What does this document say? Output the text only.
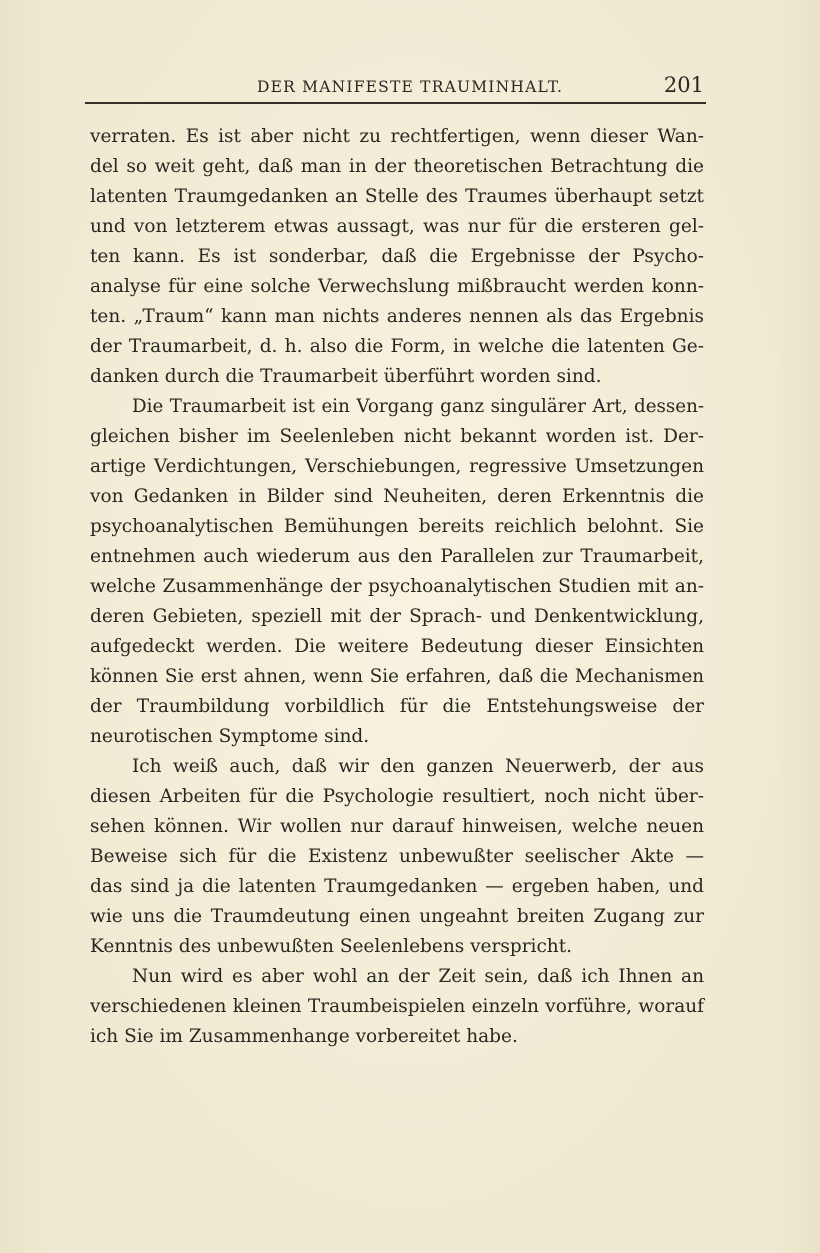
DER MANIFESTE TRAUMINHALT.	201
verraten. Es ist aber nicht zu rechtfertigen, wenn dieser Wan-
del so weit geht, daß man in der theoretischen Betrachtung die
latenten Traumgedanken an Stelle des Traumes überhaupt setzt
und von letzterem etwas aussagt, was nur für die ersteren gel-
ten kann. Es ist sonderbar, daß die Ergebnisse der Psycho-
analyse für eine solche Verwechslung mißbraucht werden konn-
ten. „Traum“ kann man nichts anderes nennen als das Ergebnis
der Traumarbeit, d. h. also die Form, in welche die latenten Ge-
danken durch die Traumarbeit überführt worden sind.
Die Traumarbeit ist ein Vorgang ganz singulärer Art, dessen-
gleichen bisher im Seelenleben nicht bekannt worden ist. Der-
artige Verdichtungen, Verschiebungen, regressive Umsetzungen
von Gedanken in Bilder sind Neuheiten, deren Erkenntnis die
psychoanalytischen Bemühungen bereits reichlich belohnt. Sie
entnehmen auch wiederum aus den Parallelen zur Traumarbeit,
welche Zusammenhänge der psychoanalytischen Studien mit an-
deren Gebieten, speziell mit der Sprach- und Denkentwicklung,
aufgedeckt werden. Die weitere Bedeutung dieser Einsichten
können Sie erst ahnen, wenn Sie erfahren, daß die Mechanismen
der Traumbildung vorbildlich für die Entstehungsweise der
neurotischen Symptome sind.
Ich weiß auch, daß wir den ganzen Neuerwerb, der aus
diesen Arbeiten für die Psychologie resultiert, noch nicht über-
sehen können. Wir wollen nur darauf hinweisen, welche neuen
Beweise sich für die Existenz unbewußter seelischer Akte —
das sind ja die latenten Traumgedanken — ergeben haben, und
wie uns die Traumdeutung einen ungeahnt breiten Zugang zur
Kenntnis des unbewußten Seelenlebens verspricht.
Nun wird es aber wohl an der Zeit sein, daß ich Ihnen an
verschiedenen kleinen Traumbeispielen einzeln vorführe, worauf
ich Sie im Zusammenhange vorbereitet habe.
